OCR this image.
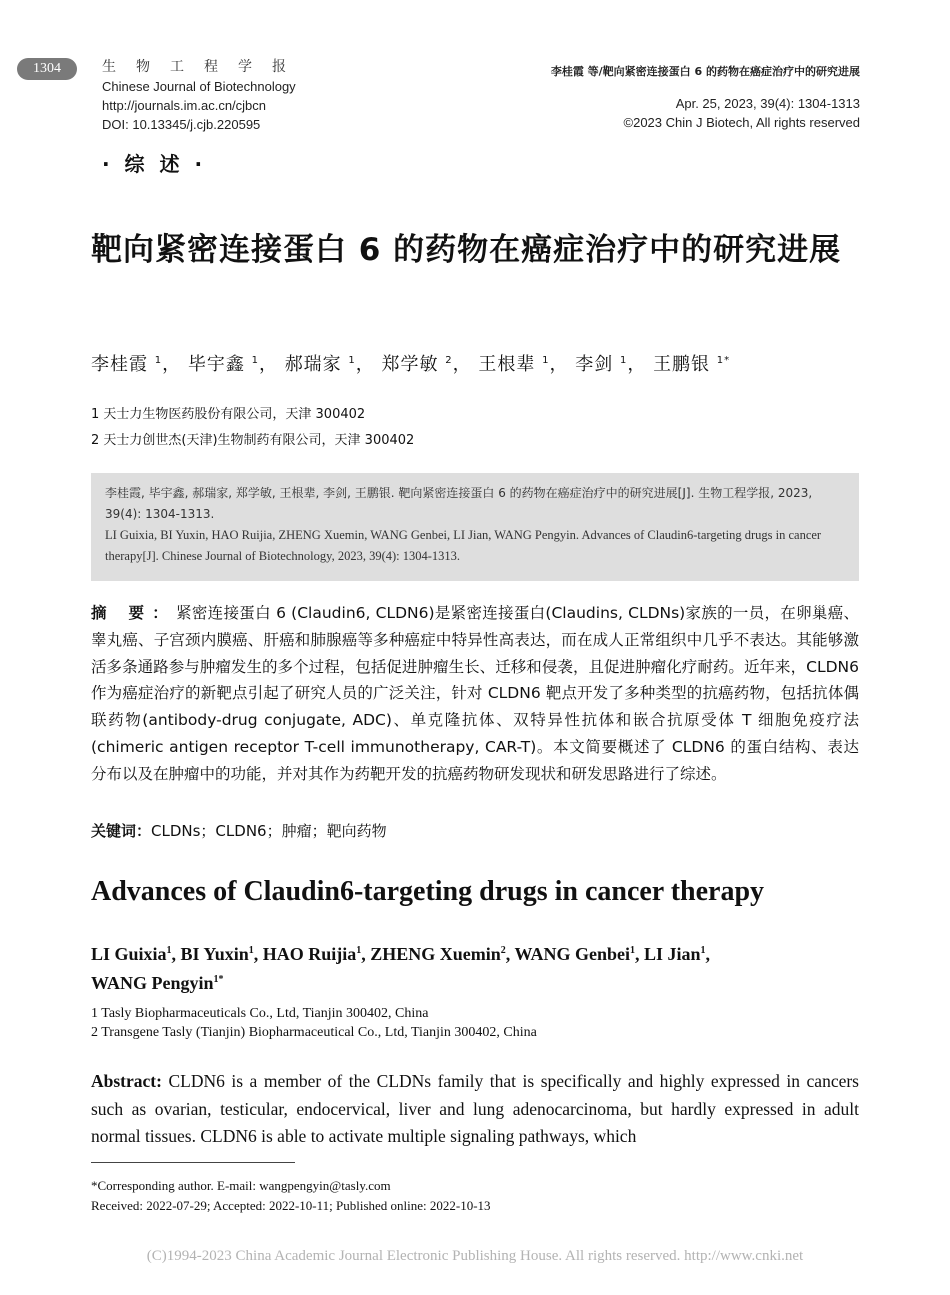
1304	生物工程学报
Chinese Journal of Biotechnology
http://journals.im.ac.cn/cjbcn
DOI: 10.13345/j.cjb.220595
李桂霞 等/靶向紧密连接蛋白 6 的药物在癌症治疗中的研究进展
Apr. 25, 2023, 39(4): 1304-1313
©2023 Chin J Biotech, All rights reserved
· 综 述 ·
靶向紧密连接蛋白 6 的药物在癌症治疗中的研究进展
李桂霞 $^1$， 毕宇鑫 $^1$， 郝瑞家 $^1$， 郑学敏 $^2$， 王根辈 $^1$， 李剑 $^1$， 王鹏银 $^{1*}$
1 天士力生物医药股份有限公司，天津 300402
2 天士力创世杰(天津)生物制药有限公司，天津 300402
李桂霞, 毕宇鑫, 郝瑞家, 郑学敏, 王根辈, 李剑, 王鹏银. 靶向紧密连接蛋白 6 的药物在癌症治疗中的研究进展[J]. 生物工程学报, 2023, 39(4): 1304-1313.
LI Guixia, BI Yuxin, HAO Ruijia, ZHENG Xuemin, WANG Genbei, LI Jian, WANG Pengyin. Advances of Claudin6-targeting drugs in cancer therapy[J]. Chinese Journal of Biotechnology, 2023, 39(4): 1304-1313.
摘 要：紧密连接蛋白 6 (Claudin6, CLDN6)是紧密连接蛋白(Claudins, CLDNs)家族的一员，在卵巢癌、睾丸癌、子宫颈内膜癌、肝癌和肺腺癌等多种癌症中特异性高表达，而在成人正常组织中几乎不表达。其能够激活多条通路参与肿瘤发生的多个过程，包括促进肿瘤生长、迁移和侵袭，且促进肿瘤化疗耐药。近年来，CLDN6 作为癌症治疗的新靶点引起了研究人员的广泛关注，针对 CLDN6 靶点开发了多种类型的抗癌药物，包括抗体偶联药物(antibody-drug conjugate, ADC)、单克隆抗体、双特异性抗体和嵌合抗原受体 T 细胞免疫疗法(chimeric antigen receptor T-cell immunotherapy, CAR-T)。本文简要概述了 CLDN6 的蛋白结构、表达分布以及在肿瘤中的功能，并对其作为药靶开发的抗癌药物研发现状和研发思路进行了综述。
关键词：CLDNs；CLDN6；肿瘤；靶向药物
Advances of Claudin6-targeting drugs in cancer therapy
LI Guixia$^1$, BI Yuxin$^1$, HAO Ruijia$^1$, ZHENG Xuemin$^2$, WANG Genbei$^1$, LI Jian$^1$,
WANG Pengyin$^{1*}$
1 Tasly Biopharmaceuticals Co., Ltd, Tianjin 300402, China
2 Transgene Tasly (Tianjin) Biopharmaceutical Co., Ltd, Tianjin 300402, China
Abstract: CLDN6 is a member of the CLDNs family that is specifically and highly expressed in cancers such as ovarian, testicular, endocervical, liver and lung adenocarcinoma, but hardly expressed in adult normal tissues. CLDN6 is able to activate multiple signaling pathways, which
*Corresponding author. E-mail: wangpengyin@tasly.com
Received: 2022-07-29; Accepted: 2022-10-11; Published online: 2022-10-13
(C)1994-2023 China Academic Journal Electronic Publishing House. All rights reserved. http://www.cnki.net
